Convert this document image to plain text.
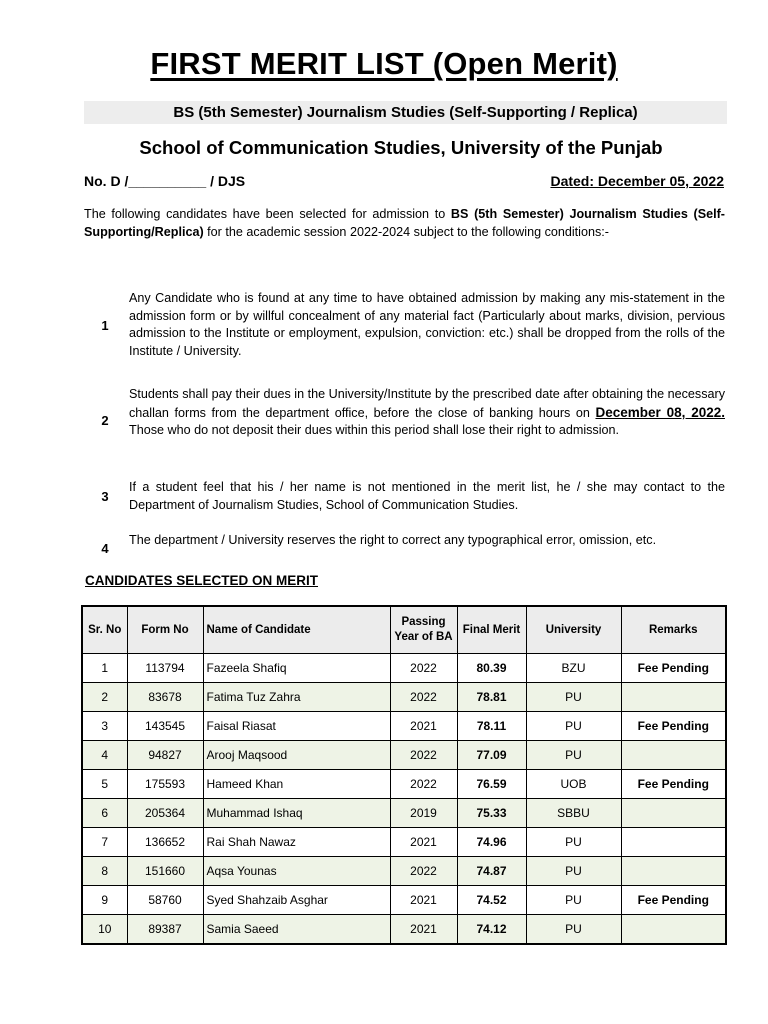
FIRST MERIT LIST (Open Merit)
BS (5th Semester) Journalism Studies (Self-Supporting / Replica)
School of Communication Studies, University of the Punjab
No. D /__________ / DJS	Dated: December 05, 2022
The following candidates have been selected for admission to BS (5th Semester) Journalism Studies (Self-Supporting/Replica) for the academic session 2022-2024 subject to the following conditions:-
1
Any Candidate who is found at any time to have obtained admission by making any mis-statement in the admission form or by willful concealment of any material fact (Particularly about marks, division, pervious admission to the Institute or employment, expulsion, conviction: etc.) shall be dropped from the rolls of the Institute / University.
2
Students shall pay their dues in the University/Institute by the prescribed date after obtaining the necessary challan forms from the department office, before the close of banking hours on December 08, 2022. Those who do not deposit their dues within this period shall lose their right to admission.
3
If a student feel that his / her name is not mentioned in the merit list, he / she may contact to the Department of Journalism Studies, School of Communication Studies.
4
The department / University reserves the right to correct any typographical error, omission, etc.
CANDIDATES SELECTED ON MERIT
Sr. No	Form No	Name of Candidate	Passing Year of BA	Final Merit	University	Remarks
1	113794	Fazeela Shafiq	2022	80.39	BZU	Fee Pending
2	83678	Fatima Tuz Zahra	2022	78.81	PU	
3	143545	Faisal Riasat	2021	78.11	PU	Fee Pending
4	94827	Arooj Maqsood	2022	77.09	PU	
5	175593	Hameed Khan	2022	76.59	UOB	Fee Pending
6	205364	Muhammad Ishaq	2019	75.33	SBBU	
7	136652	Rai Shah Nawaz	2021	74.96	PU	
8	151660	Aqsa Younas	2022	74.87	PU	
9	58760	Syed Shahzaib Asghar	2021	74.52	PU	Fee Pending
10	89387	Samia Saeed	2021	74.12	PU	
